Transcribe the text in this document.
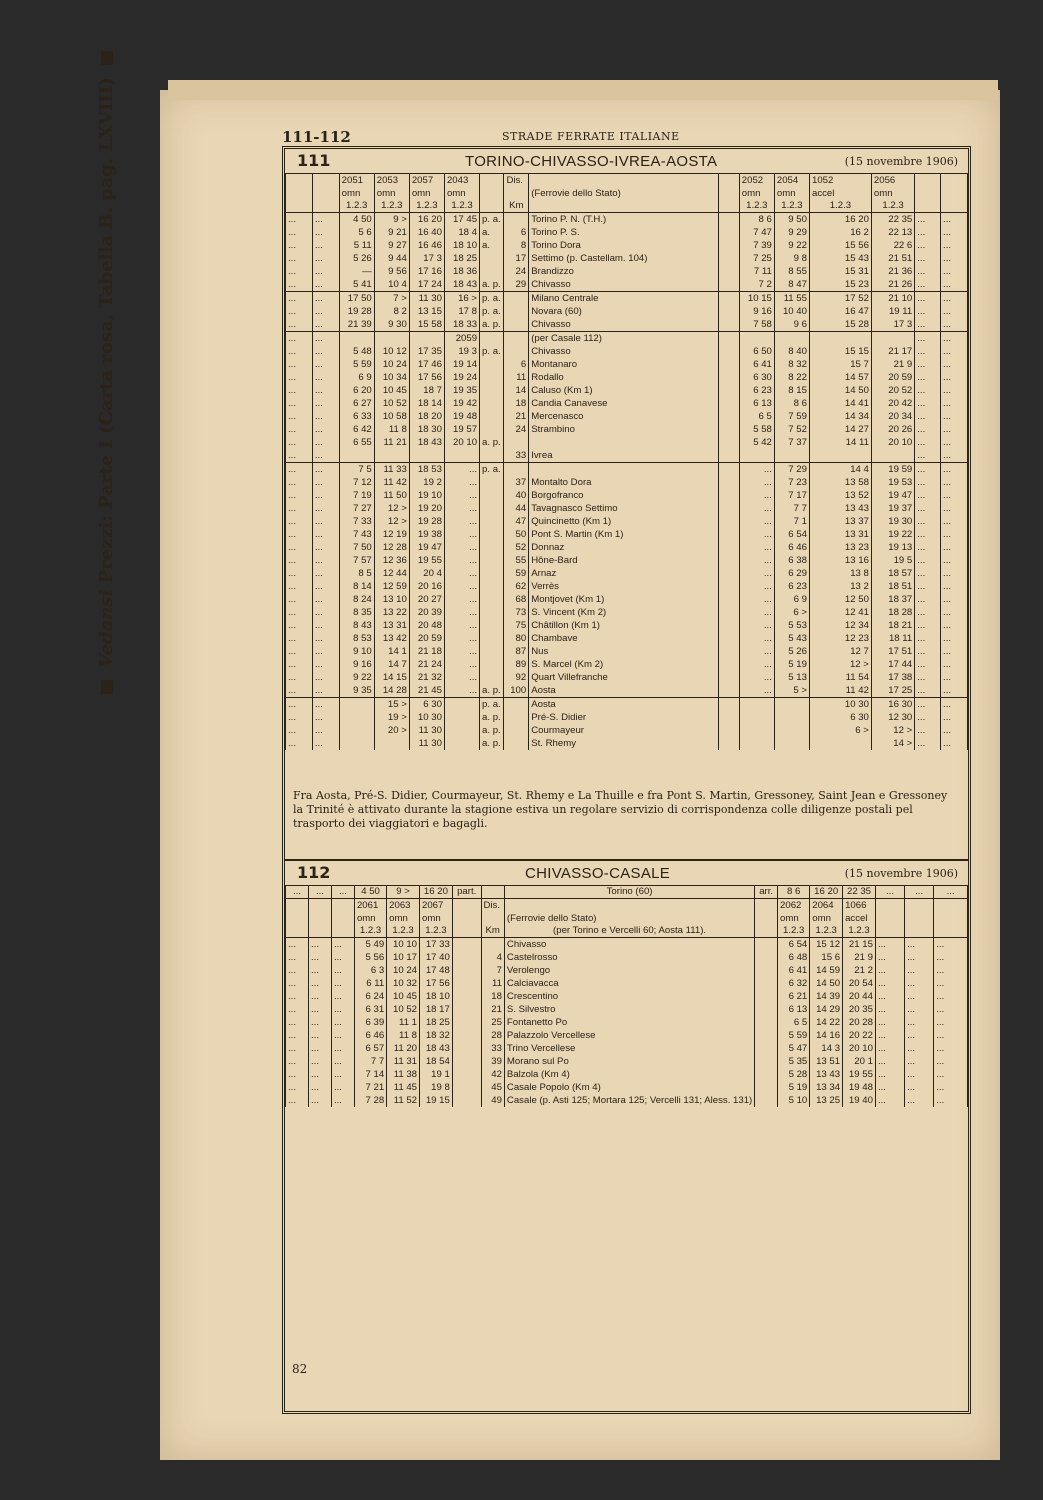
Vedansi Prezzi: Parte I (Carta rosa, Tabella B. pag. LXVIII)	111-112	STRADE FERRATE ITALIANE
111	TORINO-CHIVASSO-IVREA-AOSTA	(15 novembre 1906)
		2051	2053	2057	2043		Dis.			2052	2054	1052	2056		
		omn	omn	omn	omn			(Ferrovie dello Stato)		omn	omn	accel	omn		
		1.2.3	1.2.3	1.2.3	1.2.3		Km			1.2.3	1.2.3	1.2.3	1.2.3		
...	...	4 50	9 >	16 20	17 45	p. a.		Torino P. N. (T.H.)		8 6	9 50	16 20	22 35	...	...
...	...	5 6	9 21	16 40	18 4	a.	6	Torino P. S.		7 47	9 29	16 2	22 13	...	...
...	...	5 11	9 27	16 46	18 10	a.	8	Torino Dora		7 39	9 22	15 56	22 6	...	...
...	...	5 26	9 44	17 3	18 25		17	Settimo (p. Castellam. 104)		7 25	9 8	15 43	21 51	...	...
...	...	—	9 56	17 16	18 36		24	Brandizzo		7 11	8 55	15 31	21 36	...	...
...	...	5 41	10 4	17 24	18 43	a. p.	29	Chivasso		7 2	8 47	15 23	21 26	...	...
...	...	17 50	7 >	11 30	16 >	p. a.		Milano Centrale		10 15	11 55	17 52	21 10	...	...
...	...	19 28	8 2	13 15	17 8	p. a.		Novara (60)		9 16	10 40	16 47	19 11	...	...
...	...	21 39	9 30	15 58	18 33	a. p.		Chivasso		7 58	9 6	15 28	17 3	...	...
...	...				2059			(per Casale 112)						...	...
...	...	5 48	10 12	17 35	19 3	p. a.		Chivasso		6 50	8 40	15 15	21 17	...	...
...	...	5 59	10 24	17 46	19 14		6	Montanaro		6 41	8 32	15 7	21 9	...	...
...	...	6 9	10 34	17 56	19 24		11	Rodallo		6 30	8 22	14 57	20 59	...	...
...	...	6 20	10 45	18 7	19 35		14	Caluso (Km 1)		6 23	8 15	14 50	20 52	...	...
...	...	6 27	10 52	18 14	19 42		18	Candia Canavese		6 13	8 6	14 41	20 42	...	...
...	...	6 33	10 58	18 20	19 48		21	Mercenasco		6 5	7 59	14 34	20 34	...	...
...	...	6 42	11 8	18 30	19 57		24	Strambino		5 58	7 52	14 27	20 26	...	...
...	...	6 55	11 21	18 43	20 10	a. p.				5 42	7 37	14 11	20 10	...	...
...	...						33	Ivrea						...	...
...	...	7 5	11 33	18 53	...	p. a.				...	7 29	14 4	19 59	...	...
...	...	7 12	11 42	19 2	...		37	Montalto Dora		...	7 23	13 58	19 53	...	...
...	...	7 19	11 50	19 10	...		40	Borgofranco		...	7 17	13 52	19 47	...	...
...	...	7 27	12 >	19 20	...		44	Tavagnasco Settimo		...	7 7	13 43	19 37	...	...
...	...	7 33	12 >	19 28	...		47	Quincinetto (Km 1)		...	7 1	13 37	19 30	...	...
...	...	7 43	12 19	19 38	...		50	Pont S. Martin (Km 1)		...	6 54	13 31	19 22	...	...
...	...	7 50	12 28	19 47	...		52	Donnaz		...	6 46	13 23	19 13	...	...
...	...	7 57	12 36	19 55	...		55	Hône-Bard		...	6 38	13 16	19 5	...	...
...	...	8 5	12 44	20 4	...		59	Arnaz		...	6 29	13 8	18 57	...	...
...	...	8 14	12 59	20 16	...		62	Verrès		...	6 23	13 2	18 51	...	...
...	...	8 24	13 10	20 27	...		68	Montjovet (Km 1)		...	6 9	12 50	18 37	...	...
...	...	8 35	13 22	20 39	...		73	S. Vincent (Km 2)		...	6 >	12 41	18 28	...	...
...	...	8 43	13 31	20 48	...		75	Châtillon (Km 1)		...	5 53	12 34	18 21	...	...
...	...	8 53	13 42	20 59	...		80	Chambave		...	5 43	12 23	18 11	...	...
...	...	9 10	14 1	21 18	...		87	Nus		...	5 26	12 7	17 51	...	...
...	...	9 16	14 7	21 24	...		89	S. Marcel (Km 2)		...	5 19	12 >	17 44	...	...
...	...	9 22	14 15	21 32	...		92	Quart Villefranche		...	5 13	11 54	17 38	...	...
...	...	9 35	14 28	21 45	...	a. p.	100	Aosta		...	5 >	11 42	17 25	...	...
...	...		15 >	6 30		p. a.		Aosta				10 30	16 30	...	...
...	...		19 >	10 30		a. p.		Pré-S. Didier				6 30	12 30	...	...
...	...		20 >	11 30		a. p.		Courmayeur				6 >	12 >	...	...
...	...			11 30		a. p.		St. Rhemy					14 >	...	...
Fra Aosta, Pré-S. Didier, Courmayeur, St. Rhemy e La Thuille e fra Pont S. Martin, Gressoney, Saint Jean e Gressoney la Trinité è attivato durante la stagione estiva un regolare servizio di corrispondenza colle diligenze postali pel trasporto dei viaggiatori e bagagli.
112	CHIVASSO-CASALE	(15 novembre 1906)
...	...	...	4 50	9 >	16 20	part.		Torino (60)	arr.	8 6	16 20	22 35	...	...	...
			2061	2063	2067		Dis.			2062	2064	1066			
			omn	omn	omn			(Ferrovie dello Stato)		omn	omn	accel			
			1.2.3	1.2.3	1.2.3		Km	(per Torino e Vercelli 60; Aosta 111).		1.2.3	1.2.3	1.2.3			
...	...	...	5 49	10 10	17 33			Chivasso		6 54	15 12	21 15	...	...	...
...	...	...	5 56	10 17	17 40		4	Castelrosso		6 48	15 6	21 9	...	...	...
...	...	...	6 3	10 24	17 48		7	Verolengo		6 41	14 59	21 2	...	...	...
...	...	...	6 11	10 32	17 56		11	Calciavacca		6 32	14 50	20 54	...	...	...
...	...	...	6 24	10 45	18 10		18	Crescentino		6 21	14 39	20 44	...	...	...
...	...	...	6 31	10 52	18 17		21	S. Silvestro		6 13	14 29	20 35	...	...	...
...	...	...	6 39	11 1	18 25		25	Fontanetto Po		6 5	14 22	20 28	...	...	...
...	...	...	6 46	11 8	18 32		28	Palazzolo Vercellese		5 59	14 16	20 22	...	...	...
...	...	...	6 57	11 20	18 43		33	Trino Vercellese		5 47	14 3	20 10	...	...	...
...	...	...	7 7	11 31	18 54		39	Morano sul Po		5 35	13 51	20 1	...	...	...
...	...	...	7 14	11 38	19 1		42	Balzola (Km 4)		5 28	13 43	19 55	...	...	...
...	...	...	7 21	11 45	19 8		45	Casale Popolo (Km 4)		5 19	13 34	19 48	...	...	...
...	...	...	7 28	11 52	19 15		49	Casale (p. Asti 125; Mortara 125; Vercelli 131; Aless. 131)		5 10	13 25	19 40	...	...	...
82
